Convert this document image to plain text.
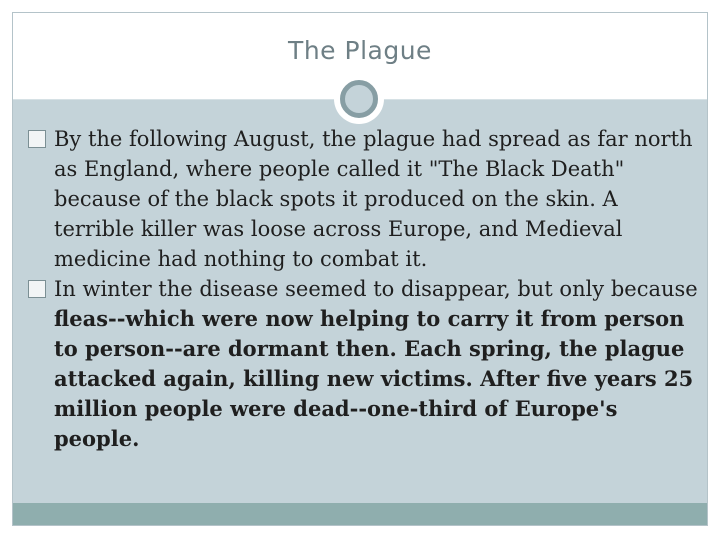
The Plague

By the following August, the plague had spread as far north as England, where people called it "The Black Death" because of the black spots it produced on the skin. A terrible killer was loose across Europe, and Medieval medicine had nothing to combat it.

In winter the disease seemed to disappear, but only because fleas--which were now helping to carry it from person to person--are dormant then. Each spring, the plague attacked again, killing new victims. After five years 25 million people were dead--one-third of Europe's people.
